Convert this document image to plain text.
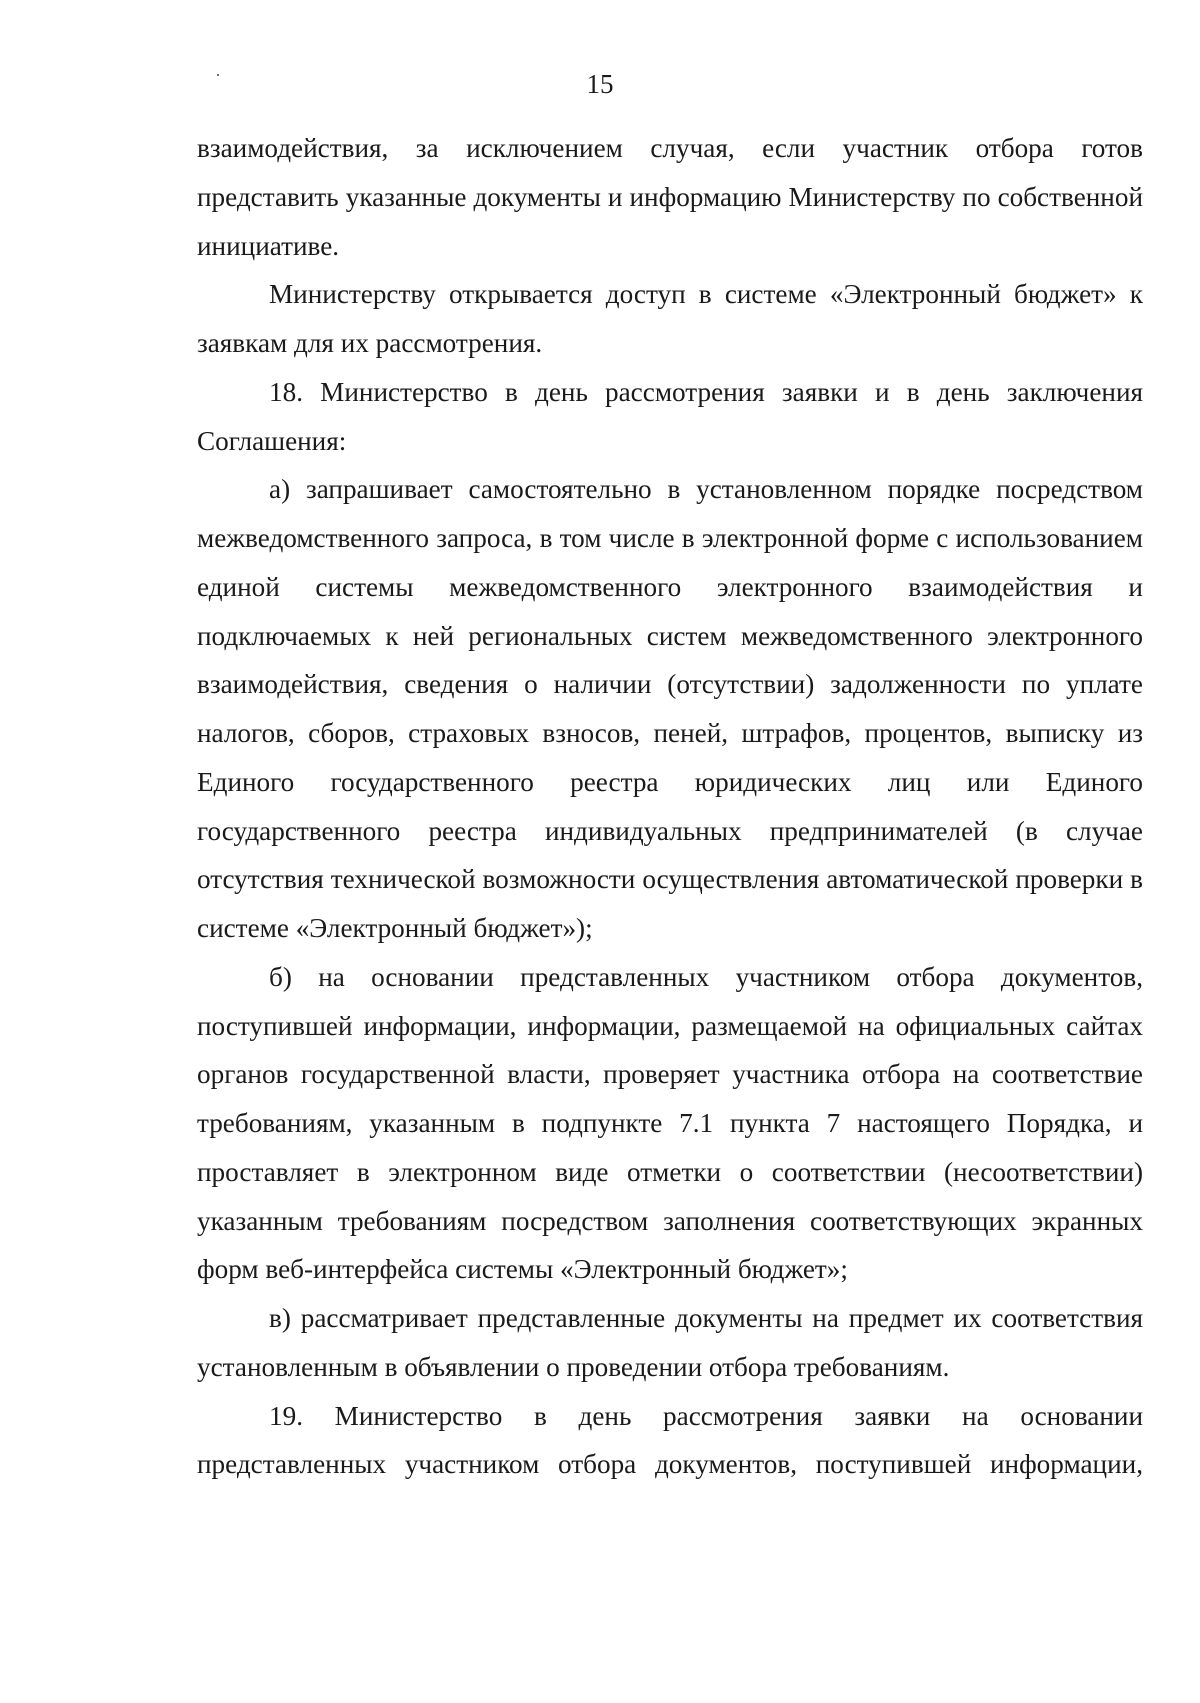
15

взаимодействия, за исключением случая, если участник отбора готов представить указанные документы и информацию Министерству по собственной инициативе.

Министерству открывается доступ в системе «Электронный бюджет» к заявкам для их рассмотрения.

18. Министерство в день рассмотрения заявки и в день заключения Соглашения:

а) запрашивает самостоятельно в установленном порядке посредством межведомственного запроса, в том числе в электронной форме с использованием единой системы межведомственного электронного взаимодействия и подключаемых к ней региональных систем межведомственного электронного взаимодействия, сведения о наличии (отсутствии) задолженности по уплате налогов, сборов, страховых взносов, пеней, штрафов, процентов, выписку из Единого государственного реестра юридических лиц или Единого государственного реестра индивидуальных предпринимателей (в случае отсутствия технической возможности осуществления автоматической проверки в системе «Электронный бюджет»);

б) на основании представленных участником отбора документов, поступившей информации, информации, размещаемой на официальных сайтах органов государственной власти, проверяет участника отбора на соответствие требованиям, указанным в подпункте 7.1 пункта 7 настоящего Порядка, и проставляет в электронном виде отметки о соответствии (несоответствии) указанным требованиям посредством заполнения соответствующих экранных форм веб-интерфейса системы «Электронный бюджет»;

в) рассматривает представленные документы на предмет их соответствия установленным в объявлении о проведении отбора требованиям.

19. Министерство в день рассмотрения заявки на основании представленных участником отбора документов, поступившей информации,
